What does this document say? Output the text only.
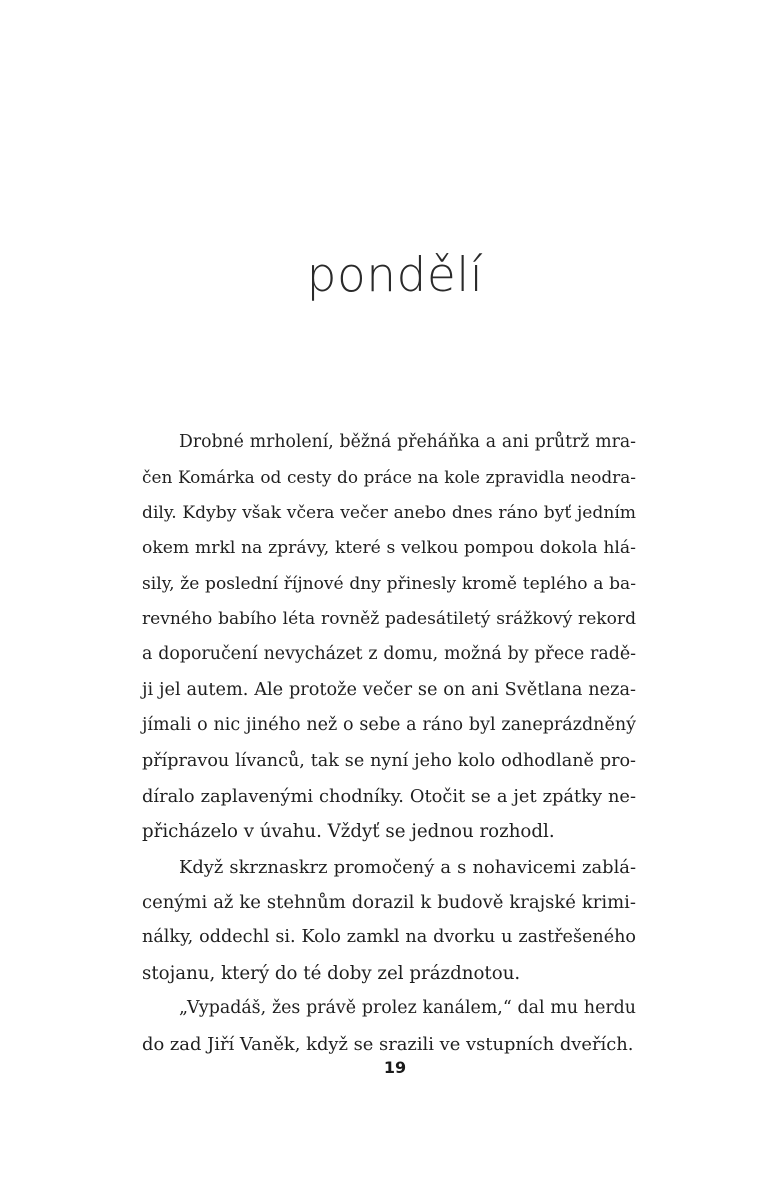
pondělí
Drobné mrholení, běžná přeháňka a ani průtrž mra-
čen Komárka od cesty do práce na kole zpravidla neodra-
dily. Kdyby však včera večer anebo dnes ráno byť jedním
okem mrkl na zprávy, které s velkou pompou dokola hlá-
sily, že poslední říjnové dny přinesly kromě teplého a ba-
revného babího léta rovněž padesátiletý srážkový rekord
a doporučení nevycházet z domu, možná by přece radě-
ji jel autem. Ale protože večer se on ani Světlana neza-
jímali o nic jiného než o sebe a ráno byl zaneprázdněný
přípravou lívanců, tak se nyní jeho kolo odhodlaně pro-
díralo zaplavenými chodníky. Otočit se a jet zpátky ne-
přicházelo v úvahu. Vždyť se jednou rozhodl.
Když skrznaskrz promočený a s nohavicemi zablá-
cenými až ke stehnům dorazil k budově krajské krimi-
nálky, oddechl si. Kolo zamkl na dvorku u zastřešeného
stojanu, který do té doby zel prázdnotou.
„Vypadáš, žes právě prolez kanálem,“ dal mu herdu
do zad Jiří Vaněk, když se srazili ve vstupních dveřích.
19
